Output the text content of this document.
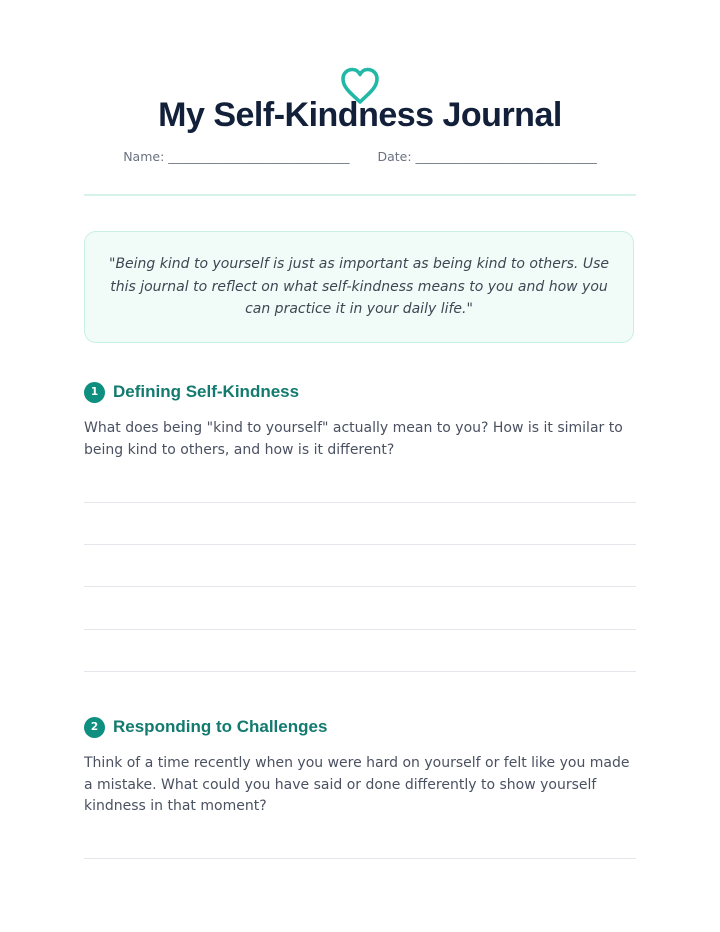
My Self-Kindness Journal
Name: _____________________________ Date: _____________________________

"Being kind to yourself is just as important as being kind to others. Use this journal to reflect on what self-kindness means to you and how you can practice it in your daily life."

1 Defining Self-Kindness

What does being "kind to yourself" actually mean to you? How is it similar to being kind to others, and how is it different?

2 Responding to Challenges

Think of a time recently when you were hard on yourself or felt like you made a mistake. What could you have said or done differently to show yourself kindness in that moment?
